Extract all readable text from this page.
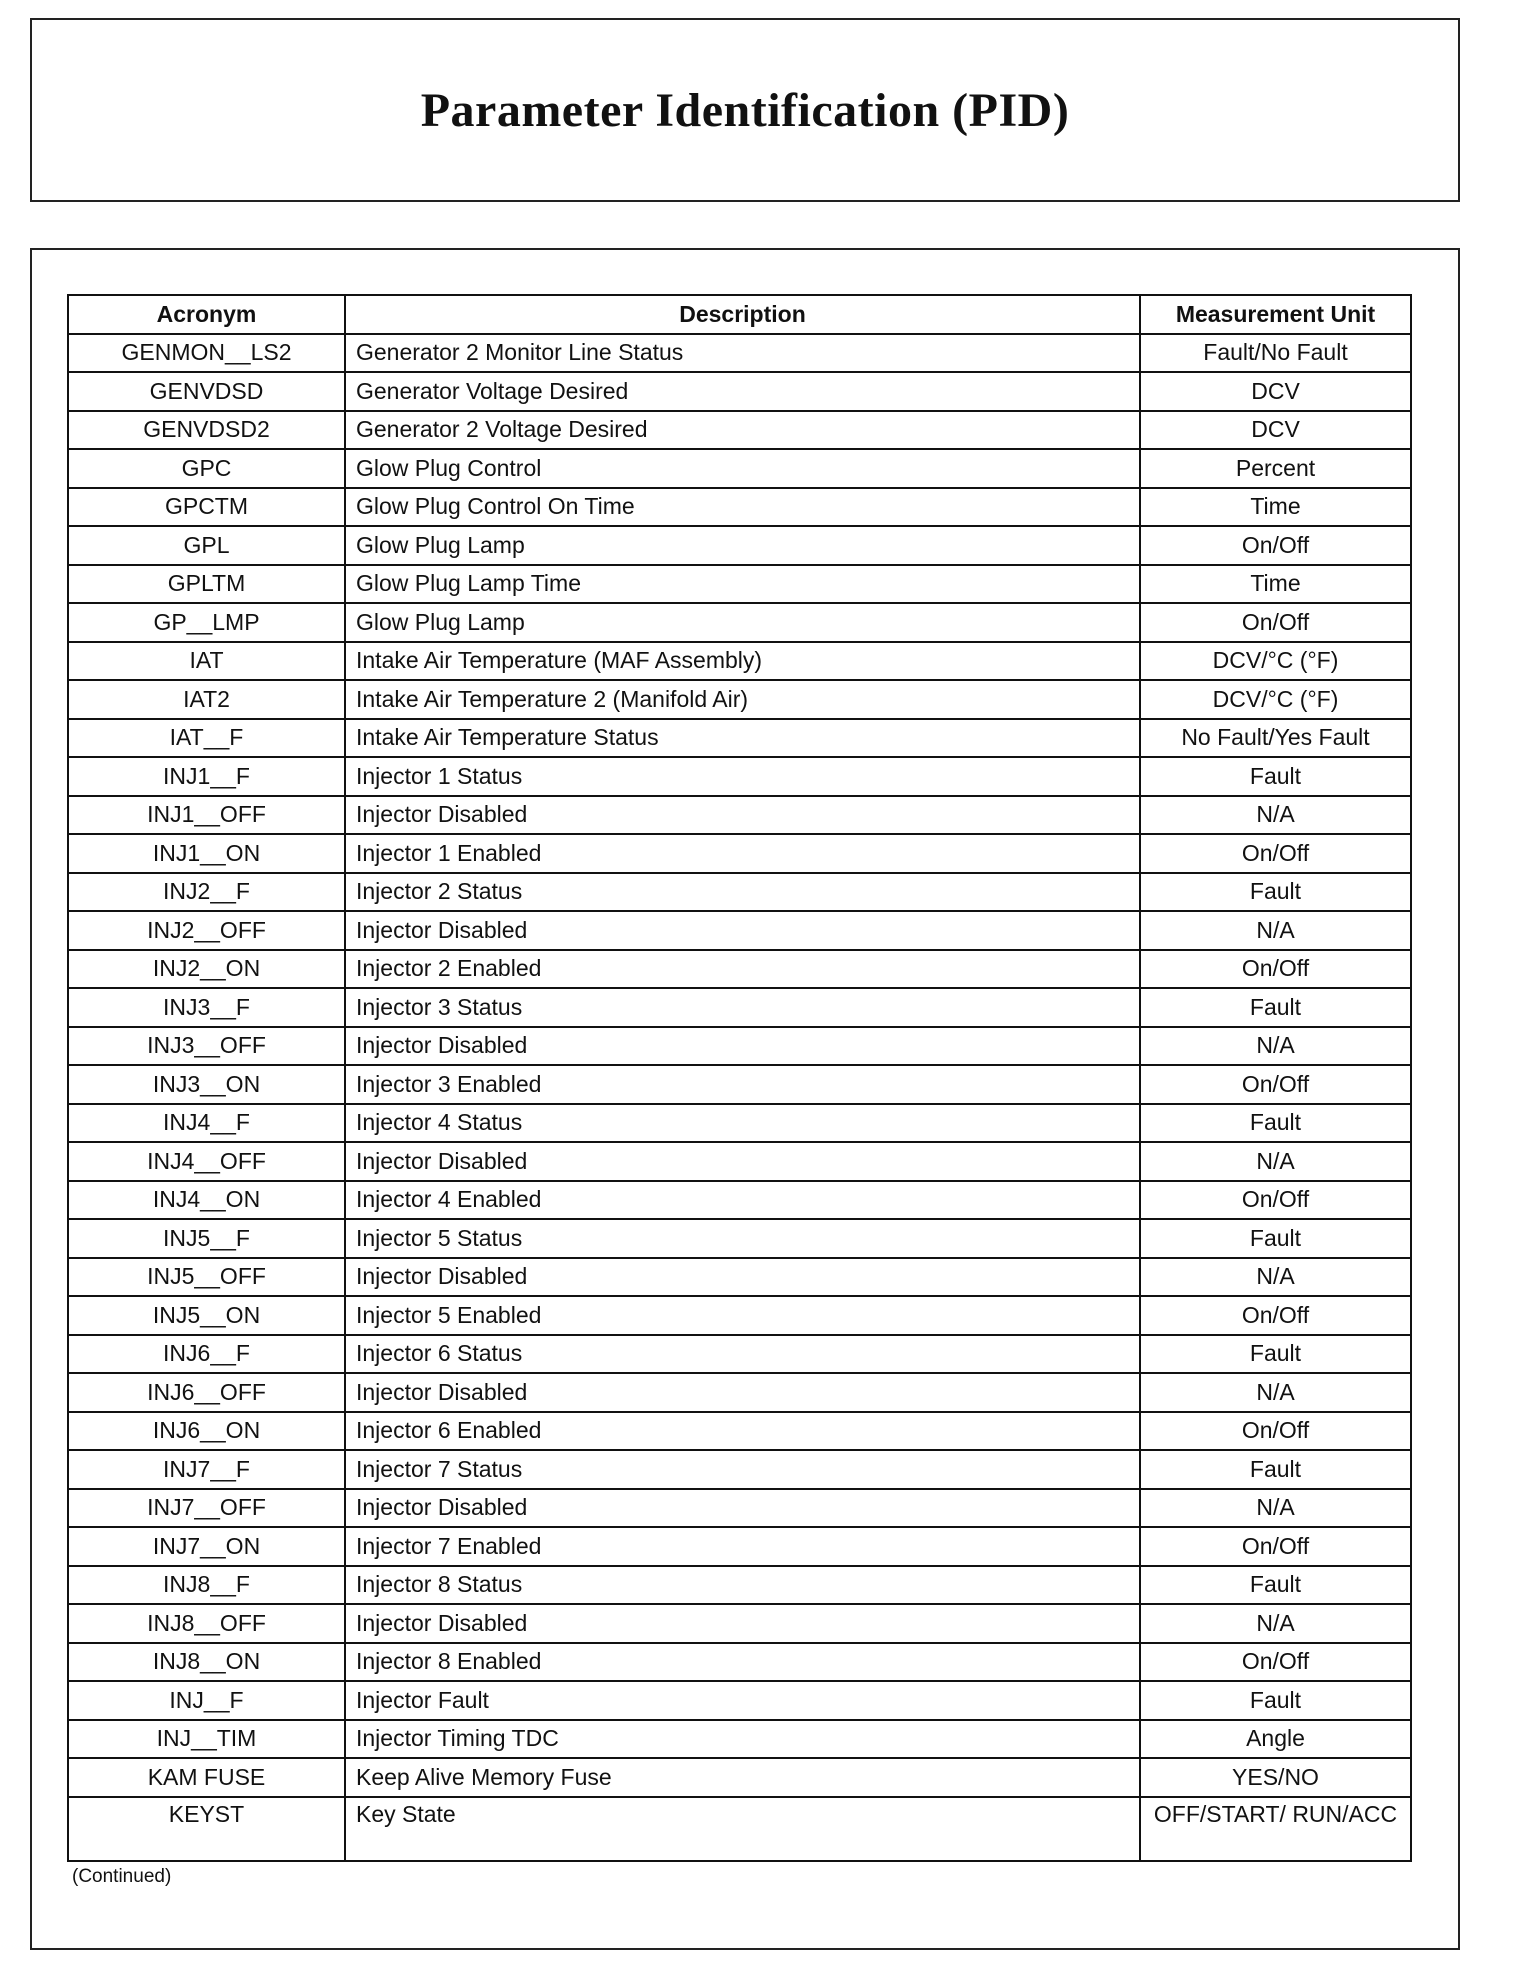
Parameter Identification (PID)
Acronym	Description	Measurement Unit
GENMON__LS2	Generator 2 Monitor Line Status	Fault/No Fault
GENVDSD	Generator Voltage Desired	DCV
GENVDSD2	Generator 2 Voltage Desired	DCV
GPC	Glow Plug Control	Percent
GPCTM	Glow Plug Control On Time	Time
GPL	Glow Plug Lamp	On/Off
GPLTM	Glow Plug Lamp Time	Time
GP__LMP	Glow Plug Lamp	On/Off
IAT	Intake Air Temperature (MAF Assembly)	DCV/°C (°F)
IAT2	Intake Air Temperature 2 (Manifold Air)	DCV/°C (°F)
IAT__F	Intake Air Temperature Status	No Fault/Yes Fault
INJ1__F	Injector 1 Status	Fault
INJ1__OFF	Injector Disabled	N/A
INJ1__ON	Injector 1 Enabled	On/Off
INJ2__F	Injector 2 Status	Fault
INJ2__OFF	Injector Disabled	N/A
INJ2__ON	Injector 2 Enabled	On/Off
INJ3__F	Injector 3 Status	Fault
INJ3__OFF	Injector Disabled	N/A
INJ3__ON	Injector 3 Enabled	On/Off
INJ4__F	Injector 4 Status	Fault
INJ4__OFF	Injector Disabled	N/A
INJ4__ON	Injector 4 Enabled	On/Off
INJ5__F	Injector 5 Status	Fault
INJ5__OFF	Injector Disabled	N/A
INJ5__ON	Injector 5 Enabled	On/Off
INJ6__F	Injector 6 Status	Fault
INJ6__OFF	Injector Disabled	N/A
INJ6__ON	Injector 6 Enabled	On/Off
INJ7__F	Injector 7 Status	Fault
INJ7__OFF	Injector Disabled	N/A
INJ7__ON	Injector 7 Enabled	On/Off
INJ8__F	Injector 8 Status	Fault
INJ8__OFF	Injector Disabled	N/A
INJ8__ON	Injector 8 Enabled	On/Off
INJ__F	Injector Fault	Fault
INJ__TIM	Injector Timing TDC	Angle
KAM FUSE	Keep Alive Memory Fuse	YES/NO
KEYST	Key State	OFF/START/ RUN/ACC
(Continued)
